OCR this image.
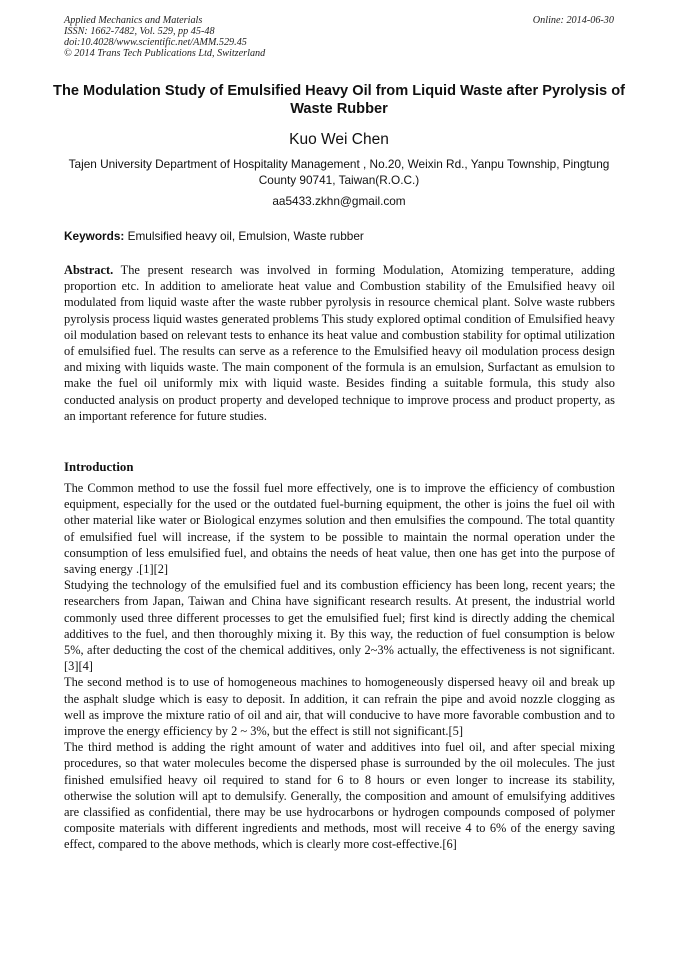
Applied Mechanics and Materials
ISSN: 1662-7482, Vol. 529, pp 45-48
doi:10.4028/www.scientific.net/AMM.529.45
© 2014 Trans Tech Publications Ltd, Switzerland
Online: 2014-06-30
The Modulation Study of Emulsified Heavy Oil from Liquid Waste after Pyrolysis of Waste Rubber
Kuo Wei Chen
Tajen University Department of Hospitality Management , No.20, Weixin Rd., Yanpu Township, Pingtung County 90741, Taiwan(R.O.C.)
aa5433.zkhn@gmail.com
Keywords: Emulsified heavy oil, Emulsion, Waste rubber

Abstract. The present research was involved in forming Modulation, Atomizing temperature, adding proportion etc. In addition to ameliorate heat value and Combustion stability of the Emulsified heavy oil modulated from liquid waste after the waste rubber pyrolysis in resource chemical plant. Solve waste rubbers pyrolysis process liquid wastes generated problems This study explored optimal condition of Emulsified heavy oil modulation based on relevant tests to enhance its heat value and combustion stability for optimal utilization of emulsified fuel. The results can serve as a reference to the Emulsified heavy oil modulation process design and mixing with liquids waste. The main component of the formula is an emulsion, Surfactant as emulsion to make the fuel oil uniformly mix with liquid waste. Besides finding a suitable formula, this study also conducted analysis on product property and developed technique to improve process and product property, as an important reference for future studies.

Introduction

The Common method to use the fossil fuel more effectively, one is to improve the efficiency of combustion equipment, especially for the used or the outdated fuel-burning equipment, the other is joins the fuel oil with other material like water or Biological enzymes solution and then emulsifies the compound. The total quantity of emulsified fuel will increase, if the system to be possible to maintain the normal operation under the consumption of less emulsified fuel, and obtains the needs of heat value, then one has get into the purpose of saving energy .[1][2]

Studying the technology of the emulsified fuel and its combustion efficiency has been long, recent years; the researchers from Japan, Taiwan and China have significant research results. At present, the industrial world commonly used three different processes to get the emulsified fuel; first kind is directly adding the chemical additives to the fuel, and then thoroughly mixing it. By this way, the reduction of fuel consumption is below 5%, after deducting the cost of the chemical additives, only 2~3% actually, the effectiveness is not significant. [3][4]

The second method is to use of homogeneous machines to homogeneously dispersed heavy oil and break up the asphalt sludge which is easy to deposit. In addition, it can refrain the pipe and avoid nozzle clogging as well as improve the mixture ratio of oil and air, that will conducive to have more favorable combustion and to improve the energy efficiency by 2 ~ 3%, but the effect is still not significant.[5]

The third method is adding the right amount of water and additives into fuel oil, and after special mixing procedures, so that water molecules become the dispersed phase is surrounded by the oil molecules. The just finished emulsified heavy oil required to stand for 6 to 8 hours or even longer to increase its stability, otherwise the solution will apt to demulsify. Generally, the composition and amount of emulsifying additives are classified as confidential, there may be use hydrocarbons or hydrogen compounds composed of polymer composite materials with different ingredients and methods, most will receive 4 to 6% of the energy saving effect, compared to the above methods, which is clearly more cost-effective.[6]
